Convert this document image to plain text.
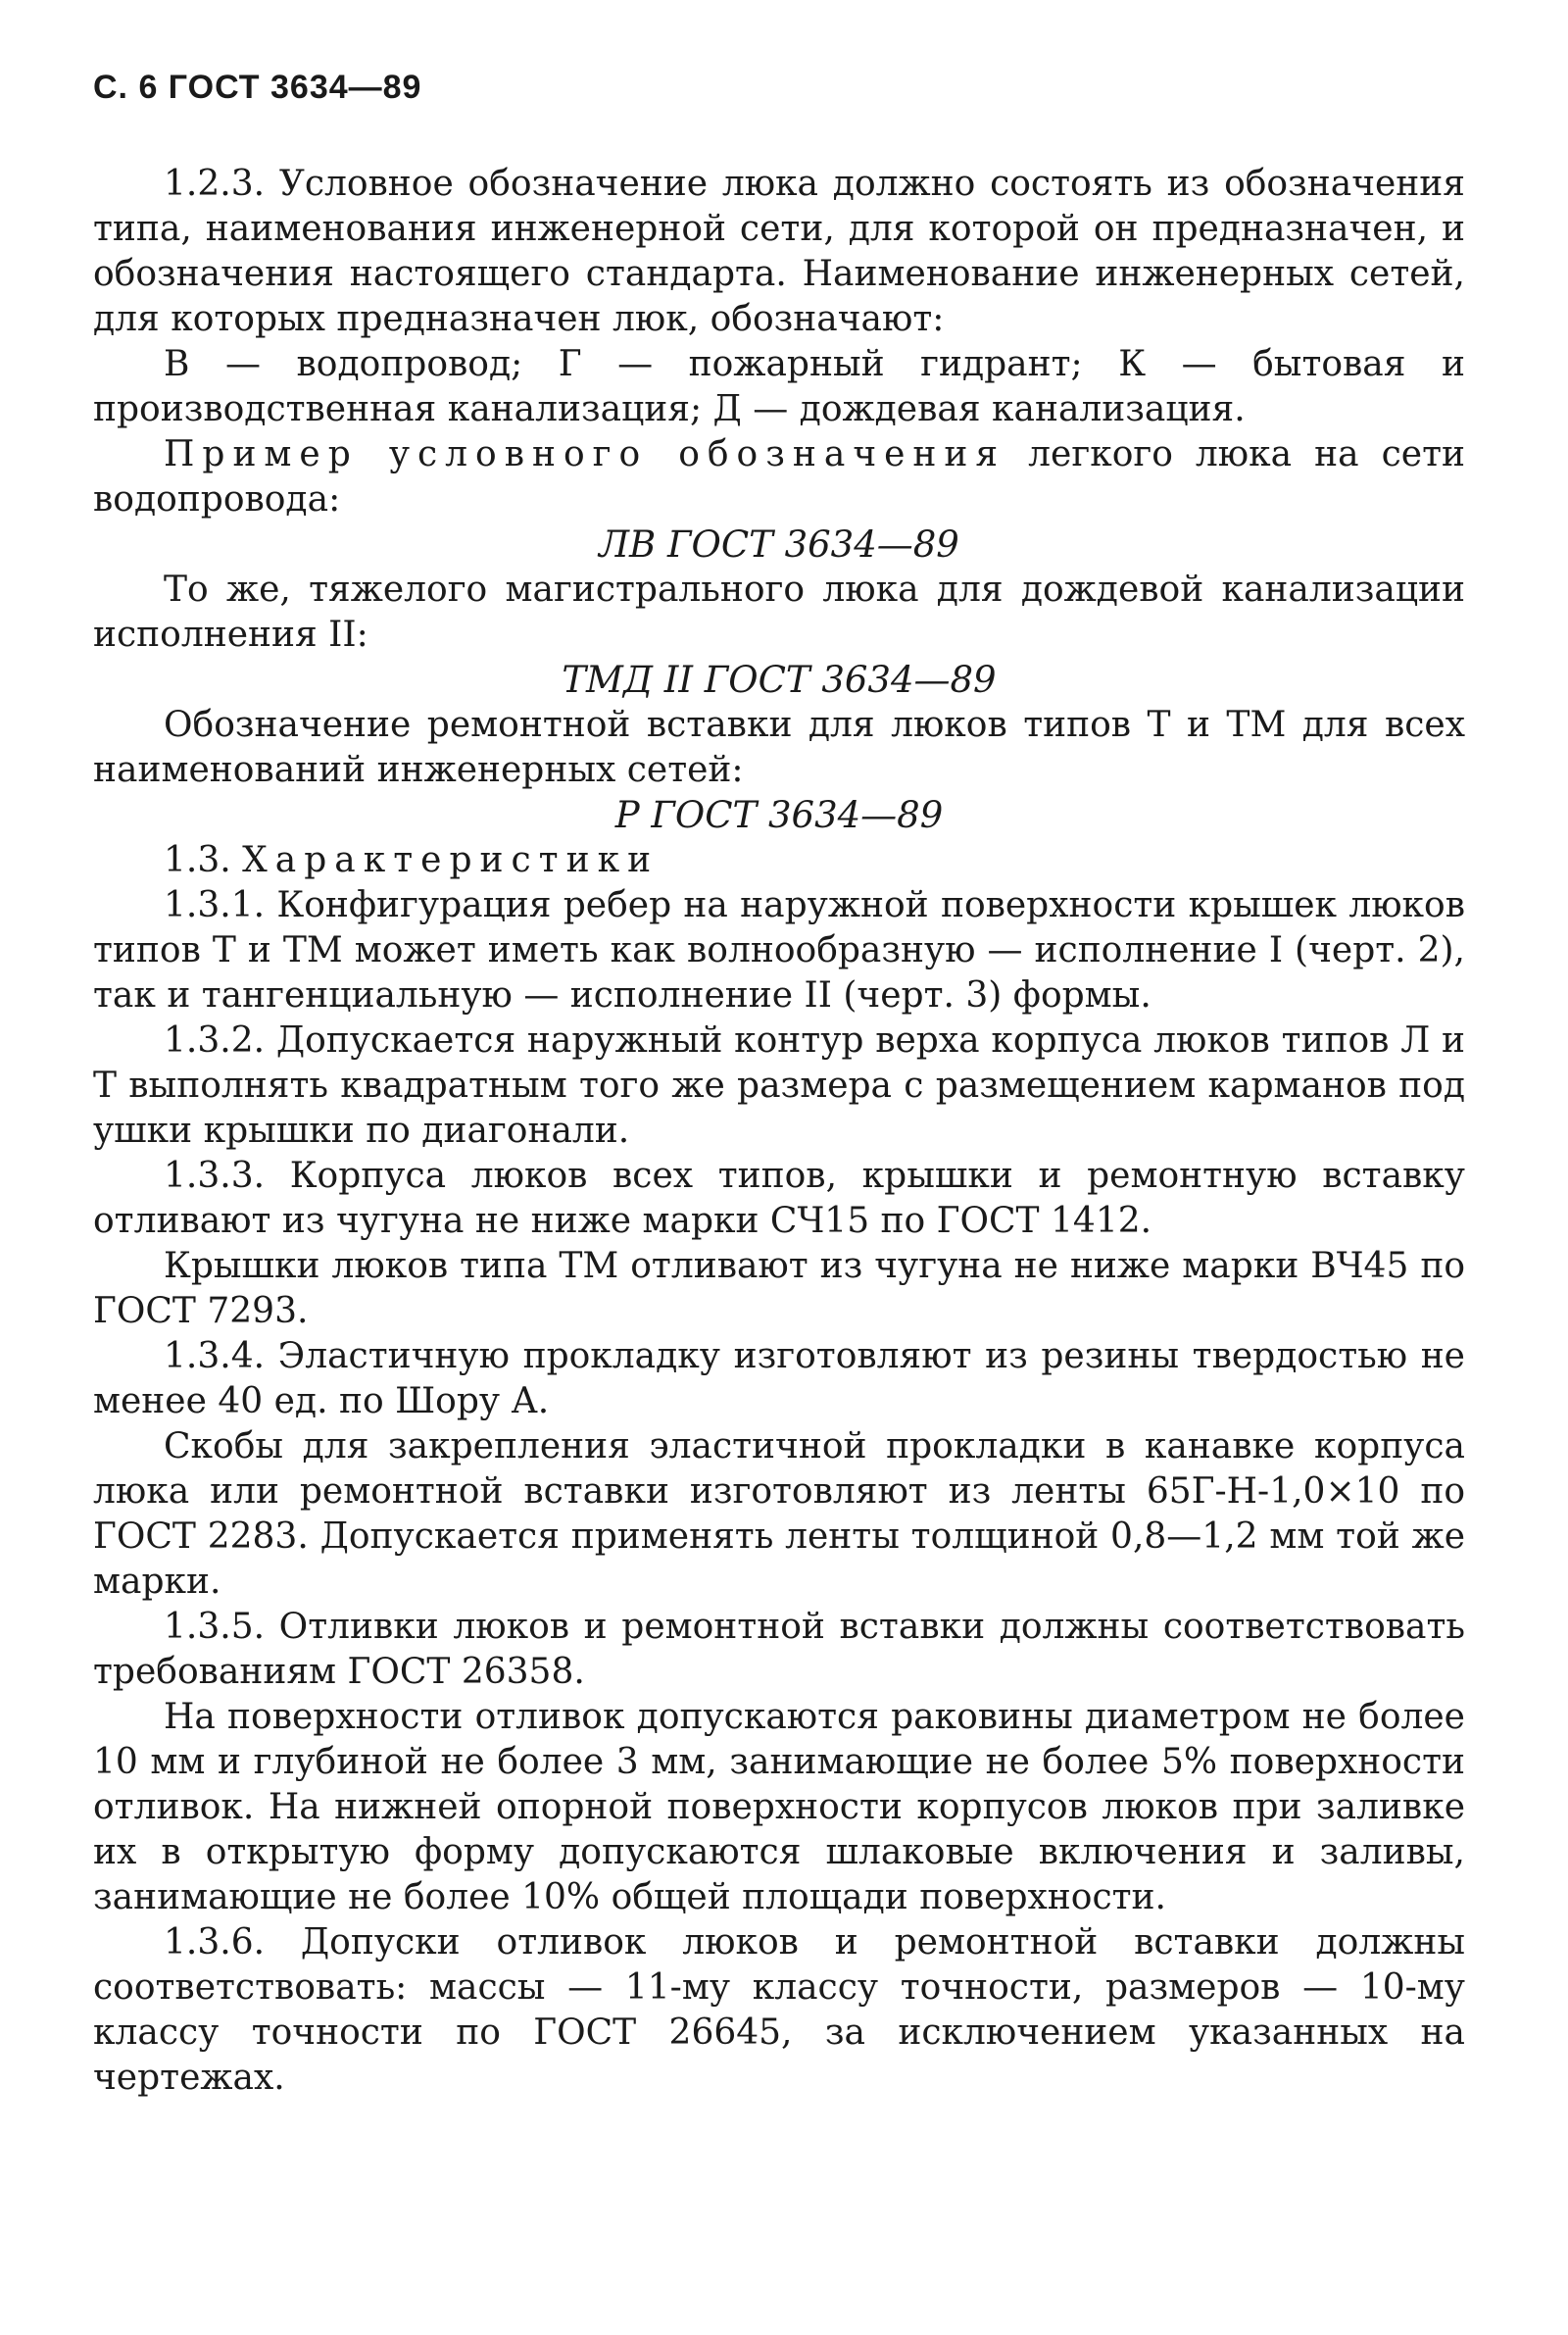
С. 6 ГОСТ 3634—89

1.2.3. Условное обозначение люка должно состоять из обозначения типа, наименования инженерной сети, для которой он предназначен, и обозначения настоящего стандарта. Наименование инженерных сетей, для которых предназначен люк, обозначают:

В — водопровод; Г — пожарный гидрант; К — бытовая и производственная канализация; Д — дождевая канализация.

Пример условного обозначения легкого люка на сети водопровода:

ЛВ ГОСТ 3634—89

То же, тяжелого магистрального люка для дождевой канализации исполнения II:

ТМД II ГОСТ 3634—89

Обозначение ремонтной вставки для люков типов Т и ТМ для всех наименований инженерных сетей:

Р ГОСТ 3634—89

1.3. Характеристики

1.3.1. Конфигурация ребер на наружной поверхности крышек люков типов Т и ТМ может иметь как волнообразную — исполнение I (черт. 2), так и тангенциальную — исполнение II (черт. 3) формы.

1.3.2. Допускается наружный контур верха корпуса люков типов Л и Т выполнять квадратным того же размера с размещением карманов под ушки крышки по диагонали.

1.3.3. Корпуса люков всех типов, крышки и ремонтную вставку отливают из чугуна не ниже марки СЧ15 по ГОСТ 1412.

Крышки люков типа ТМ отливают из чугуна не ниже марки ВЧ45 по ГОСТ 7293.

1.3.4. Эластичную прокладку изготовляют из резины твердостью не менее 40 ед. по Шору А.

Скобы для закрепления эластичной прокладки в канавке корпуса люка или ремонтной вставки изготовляют из ленты 65Г-Н-1,0×10 по ГОСТ 2283. Допускается применять ленты толщиной 0,8—1,2 мм той же марки.

1.3.5. Отливки люков и ремонтной вставки должны соответствовать требованиям ГОСТ 26358.

На поверхности отливок допускаются раковины диаметром не более 10 мм и глубиной не более 3 мм, занимающие не более 5% поверхности отливок. На нижней опорной поверхности корпусов люков при заливке их в открытую форму допускаются шлаковые включения и заливы, занимающие не более 10% общей площади поверхности.

1.3.6. Допуски отливок люков и ремонтной вставки должны соответствовать: массы — 11-му классу точности, размеров — 10-му классу точности по ГОСТ 26645, за исключением указанных на чертежах.
